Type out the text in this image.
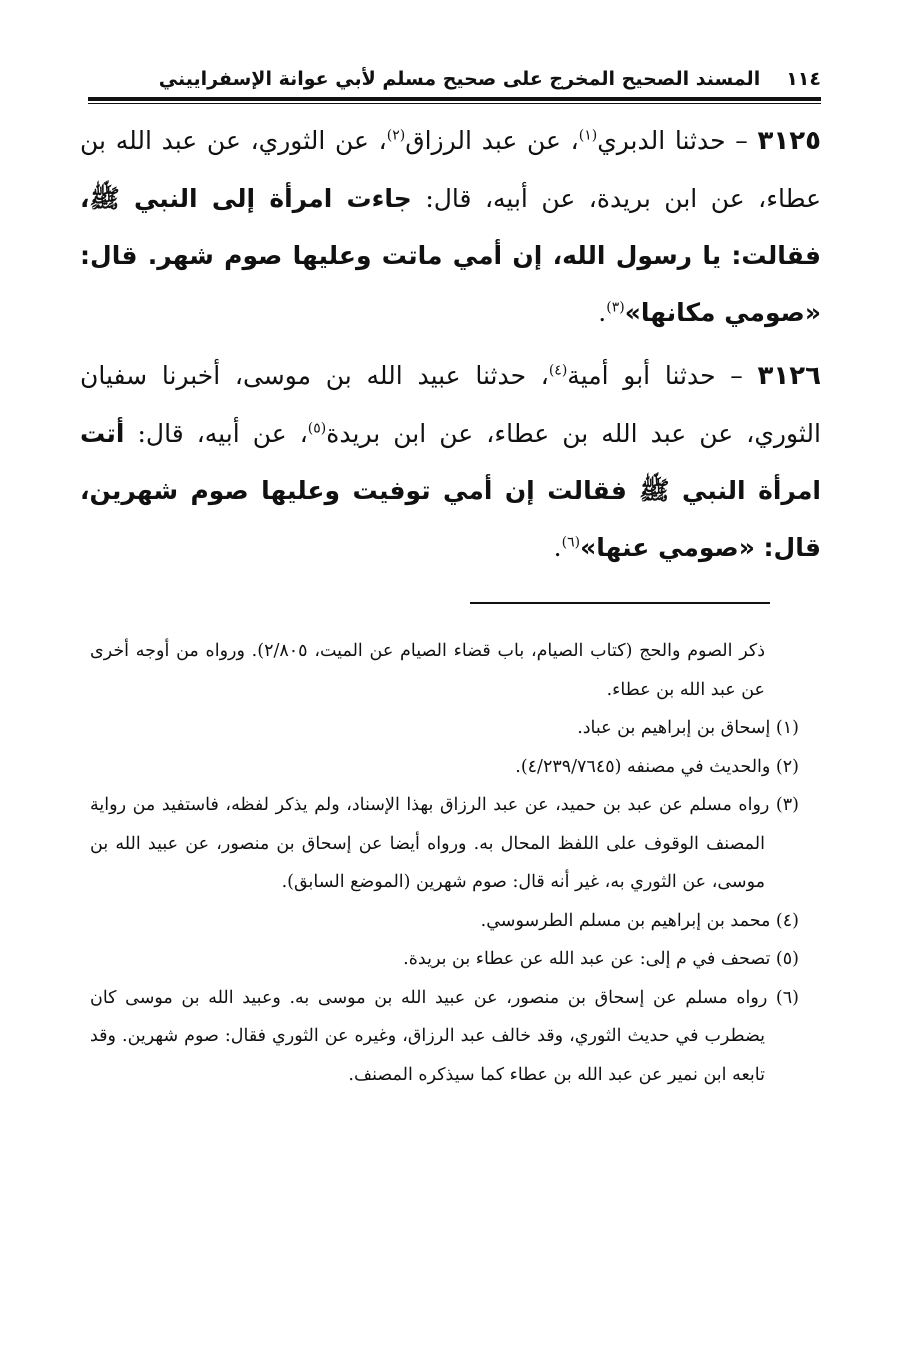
١١٤
المسند الصحيح المخرج على صحيح مسلم لأبي عوانة الإسفراييني

٣١٢٥ – حدثنا الدبري$^{(١)}$، عن عبد الرزاق$^{(٢)}$، عن الثوري، عن عبد الله بن عطاء، عن ابن بريدة، عن أبيه، قال: جاءت امرأة إلى النبي ﷺ، فقالت: يا رسول الله، إن أمي ماتت وعليها صوم شهر. قال: «صومي مكانها»$^{(٣)}$.

٣١٢٦ – حدثنا أبو أمية$^{(٤)}$، حدثنا عبيد الله بن موسى، أخبرنا سفيان الثوري، عن عبد الله بن عطاء، عن ابن بريدة$^{(٥)}$، عن أبيه، قال: أتت امرأة النبي ﷺ فقالت إن أمي توفيت وعليها صوم شهرين، قال: «صومي عنها»$^{(٦)}$.

ذكر الصوم والحج (كتاب الصيام، باب قضاء الصيام عن الميت، ٢/٨٠٥). ورواه من أوجه أخرى عن عبد الله بن عطاء.

(١) إسحاق بن إبراهيم بن عباد.

(٢) والحديث في مصنفه (٤/٢٣٩/٧٦٤٥).

(٣) رواه مسلم عن عبد بن حميد، عن عبد الرزاق بهذا الإسناد، ولم يذكر لفظه، فاستفيد من رواية المصنف الوقوف على اللفظ المحال به. ورواه أيضا عن إسحاق بن منصور، عن عبيد الله بن موسى، عن الثوري به، غير أنه قال: صوم شهرين (الموضع السابق).

(٤) محمد بن إبراهيم بن مسلم الطرسوسي.

(٥) تصحف في م إلى: عن عبد الله عن عطاء بن بريدة.

(٦) رواه مسلم عن إسحاق بن منصور، عن عبيد الله بن موسى به. وعبيد الله بن موسى كان يضطرب في حديث الثوري، وقد خالف عبد الرزاق، وغيره عن الثوري فقال: صوم شهرين. وقد تابعه ابن نمير عن عبد الله بن عطاء كما سيذكره المصنف.
